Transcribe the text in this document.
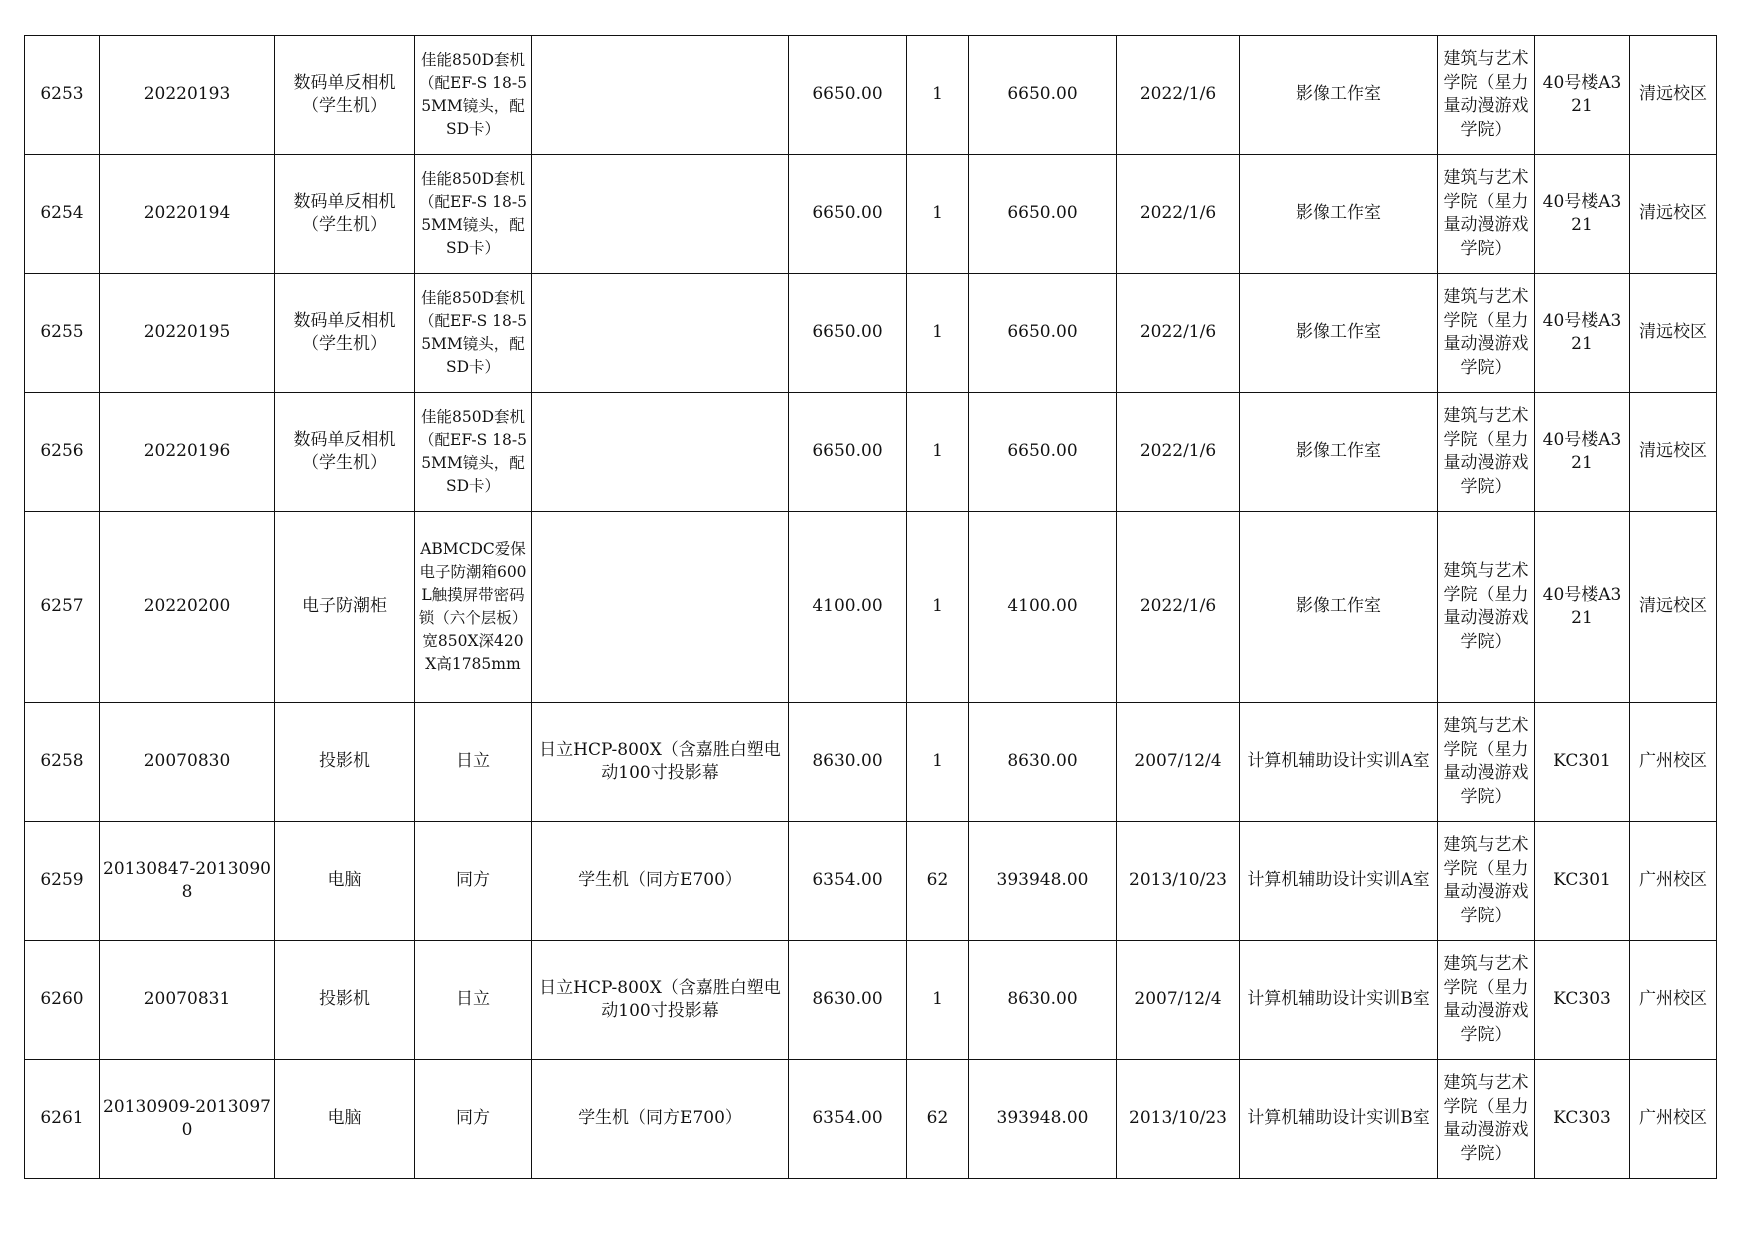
6253	20220193	数码单反相机（学生机）	佳能850D套机（配EF-S 18-55MM镜头，配SD卡）		6650.00	1	6650.00	2022/1/6	影像工作室	建筑与艺术学院（星力量动漫游戏学院）	40号楼A321	清远校区
6254	20220194	数码单反相机（学生机）	佳能850D套机（配EF-S 18-55MM镜头，配SD卡）		6650.00	1	6650.00	2022/1/6	影像工作室	建筑与艺术学院（星力量动漫游戏学院）	40号楼A321	清远校区
6255	20220195	数码单反相机（学生机）	佳能850D套机（配EF-S 18-55MM镜头，配SD卡）		6650.00	1	6650.00	2022/1/6	影像工作室	建筑与艺术学院（星力量动漫游戏学院）	40号楼A321	清远校区
6256	20220196	数码单反相机（学生机）	佳能850D套机（配EF-S 18-55MM镜头，配SD卡）		6650.00	1	6650.00	2022/1/6	影像工作室	建筑与艺术学院（星力量动漫游戏学院）	40号楼A321	清远校区
6257	20220200	电子防潮柜	ABMCDC爱保电子防潮箱600L触摸屏带密码锁（六个层板）宽850X深420X高1785mm		4100.00	1	4100.00	2022/1/6	影像工作室	建筑与艺术学院（星力量动漫游戏学院）	40号楼A321	清远校区
6258	20070830	投影机	日立	日立HCP-800X（含嘉胜白塑电动100寸投影幕	8630.00	1	8630.00	2007/12/4	计算机辅助设计实训A室	建筑与艺术学院（星力量动漫游戏学院）	KC301	广州校区
6259	20130847-20130908	电脑	同方	学生机（同方E700）	6354.00	62	393948.00	2013/10/23	计算机辅助设计实训A室	建筑与艺术学院（星力量动漫游戏学院）	KC301	广州校区
6260	20070831	投影机	日立	日立HCP-800X（含嘉胜白塑电动100寸投影幕	8630.00	1	8630.00	2007/12/4	计算机辅助设计实训B室	建筑与艺术学院（星力量动漫游戏学院）	KC303	广州校区
6261	20130909-20130970	电脑	同方	学生机（同方E700）	6354.00	62	393948.00	2013/10/23	计算机辅助设计实训B室	建筑与艺术学院（星力量动漫游戏学院）	KC303	广州校区
